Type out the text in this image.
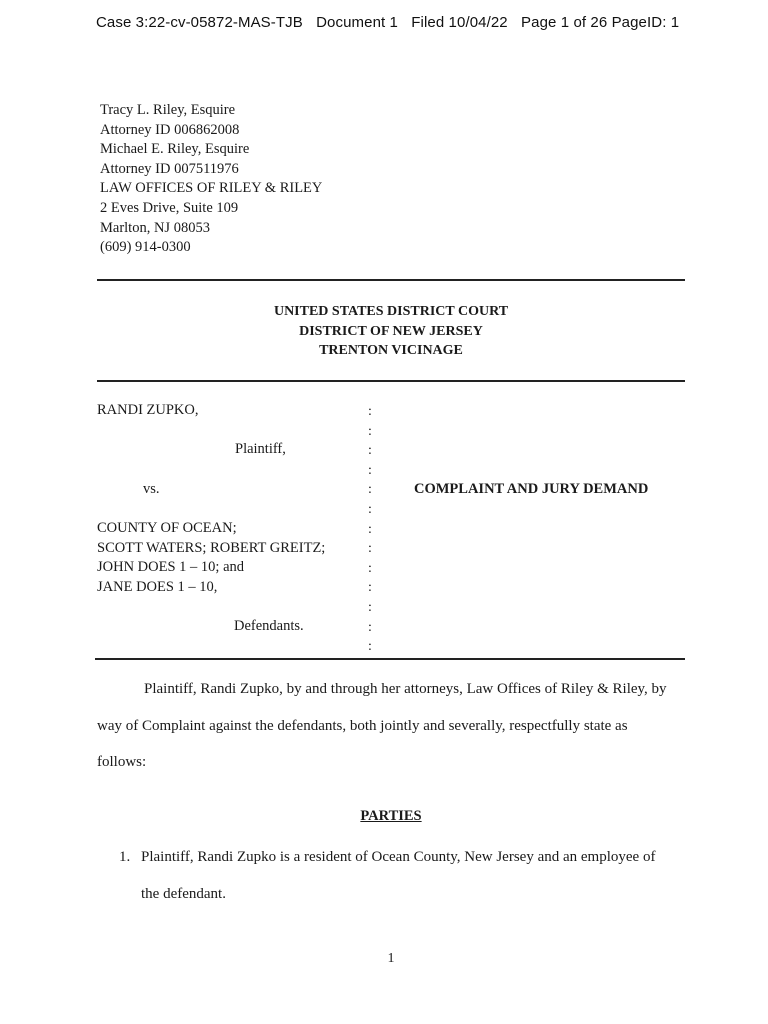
Case 3:22-cv-05872-MAS-TJB Document 1 Filed 10/04/22 Page 1 of 26 PageID: 1
Tracy L. Riley, Esquire
Attorney ID 006862008
Michael E. Riley, Esquire
Attorney ID 007511976
LAW OFFICES OF RILEY & RILEY
2 Eves Drive, Suite 109
Marlton, NJ 08053
(609) 914-0300
UNITED STATES DISTRICT COURT
DISTRICT OF NEW JERSEY
TRENTON VICINAGE
RANDI ZUPKO,
Plaintiff,
vs.
COUNTY OF OCEAN;
SCOTT WATERS; ROBERT GREITZ;
JOHN DOES 1 – 10; and
JANE DOES 1 – 10,
Defendants.
:
:
:
:
:
:
:
:
:
:
:
:
:
COMPLAINT AND JURY DEMAND
Plaintiff, Randi Zupko, by and through her attorneys, Law Offices of Riley & Riley, by
way of Complaint against the defendants, both jointly and severally, respectfully state as
follows:
PARTIES
1. Plaintiff, Randi Zupko is a resident of Ocean County, New Jersey and an employee of
the defendant.
1
